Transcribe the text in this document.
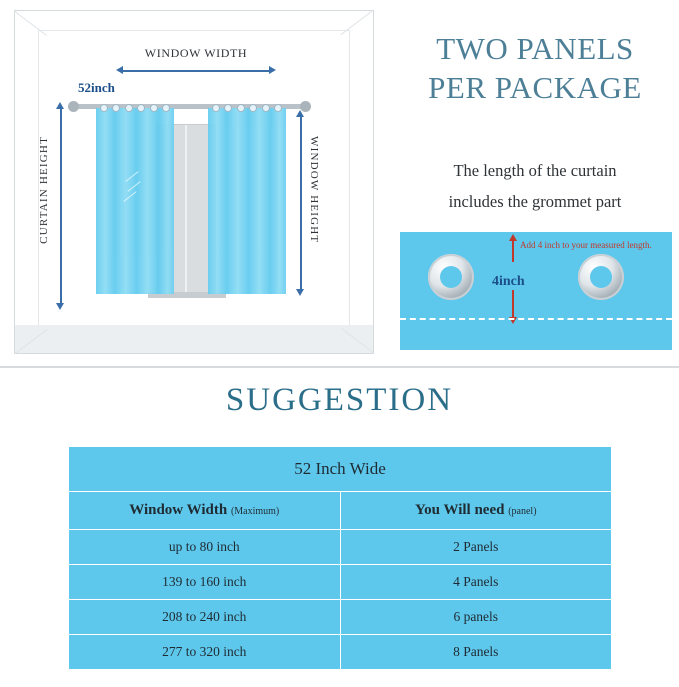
WINDOW WIDTH
52inch
CURTAIN HEIGHT	WINDOW HEIGHT
TWO PANELS
PER PACKAGE
The length of the curtain
includes the grommet part
Add 4 inch to your measured length.
4inch
SUGGESTION
52 Inch Wide	
Window Width (Maximum)	You Will need (panel)
up to 80 inch	2 Panels
139 to 160 inch	4 Panels
208 to 240 inch	6 panels
277 to 320 inch	8 Panels
